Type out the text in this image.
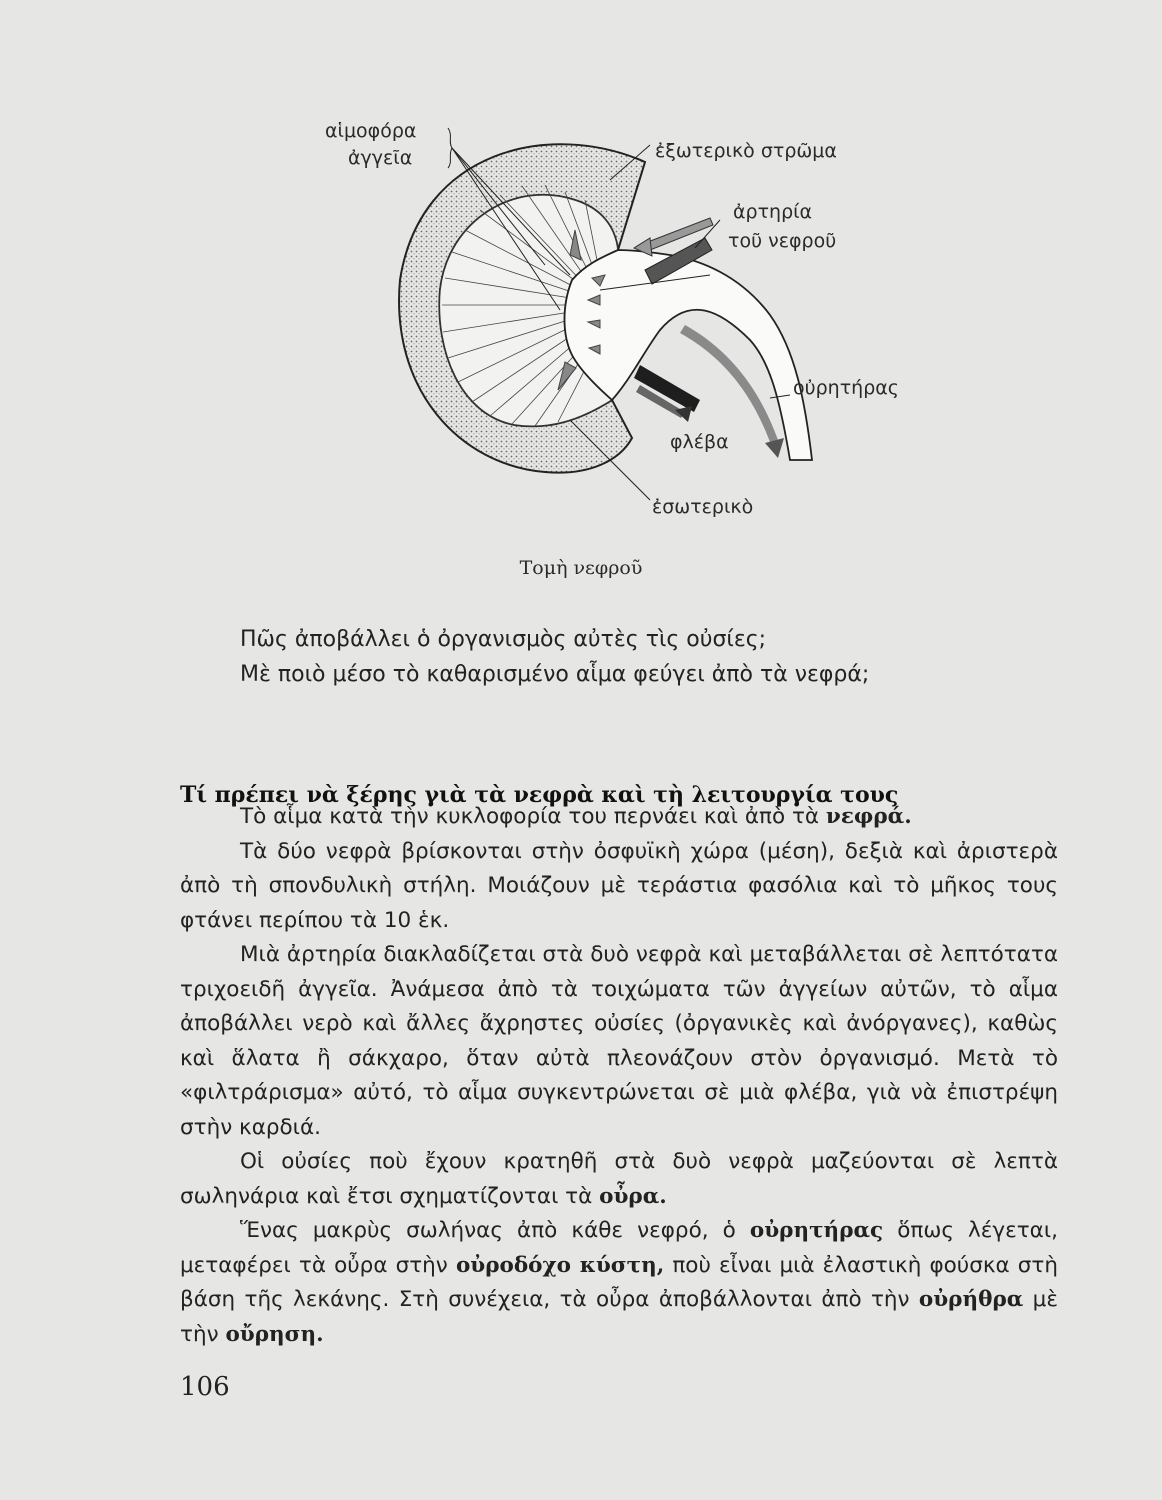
αἱμοφόρα
ἀγγεῖα	ἐξωτερικὸ στρῶμα
ἀρτηρία
τοῦ νεφροῦ
οὐρητήρας
φλέβα
ἐσωτερικὸ
Τομὴ νεφροῦ
Πῶς ἀποβάλλει ὁ ὀργανισμὸς αὐτὲς τὶς οὐσίες;
Μὲ ποιὸ μέσο τὸ καθαρισμένο αἷμα φεύγει ἀπὸ τὰ νεφρά;
Τί πρέπει νὰ ξέρης γιὰ τὰ νεφρὰ καὶ τὴ λειτουργία τους

Τὸ αἷμα κατὰ τὴν κυκλοφορία του περνάει καὶ ἀπὸ τὰ νεφρά.

Τὰ δύο νεφρὰ βρίσκονται στὴν ὀσφυϊκὴ χώρα (μέση), δεξιὰ καὶ ἀριστερὰ ἀπὸ τὴ σπονδυλικὴ στήλη. Μοιάζουν μὲ τεράστια φασόλια καὶ τὸ μῆκος τους φτάνει περίπου τὰ 10 ἑκ.

Μιὰ ἀρτηρία διακλαδίζεται στὰ δυὸ νεφρὰ καὶ μεταβάλλεται σὲ λεπτότατα τριχοειδῆ ἀγγεῖα. Ἀνάμεσα ἀπὸ τὰ τοιχώματα τῶν ἀγγείων αὐτῶν, τὸ αἷμα ἀποβάλλει νερὸ καὶ ἄλλες ἄχρηστες οὐσίες (ὀργανικὲς καὶ ἀνόργανες), καθὼς καὶ ἅλατα ἢ σάκχαρο, ὅταν αὐτὰ πλεονάζουν στὸν ὀργανισμό. Μετὰ τὸ «φιλτράρισμα» αὐτό, τὸ αἷμα συγκεντρώνεται σὲ μιὰ φλέβα, γιὰ νὰ ἐπιστρέψη στὴν καρδιά.

Οἱ οὐσίες ποὺ ἔχουν κρατηθῆ στὰ δυὸ νεφρὰ μαζεύονται σὲ λεπτὰ σωληνάρια καὶ ἔτσι σχηματίζονται τὰ οὖρα.

Ἕνας μακρὺς σωλήνας ἀπὸ κάθε νεφρό, ὁ οὐρητήρας ὅπως λέγεται, μεταφέρει τὰ οὖρα στὴν οὐροδόχο κύστη, ποὺ εἶναι μιὰ ἐλαστικὴ φούσκα στὴ βάση τῆς λεκάνης. Στὴ συνέχεια, τὰ οὖρα ἀποβάλλονται ἀπὸ τὴν οὐρήθρα μὲ τὴν οὔρηση.

106
